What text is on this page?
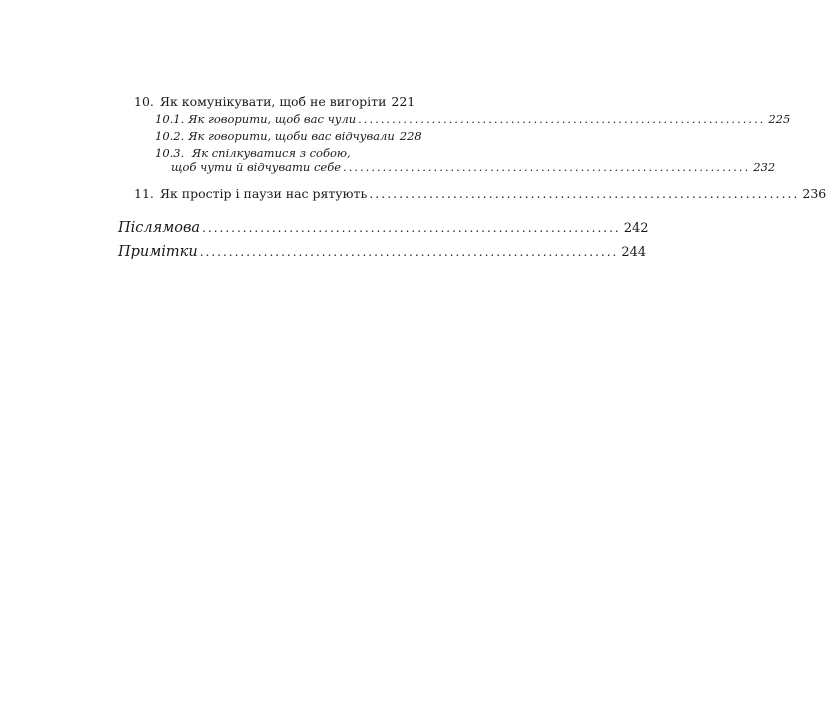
10. Як комунікувати, щоб не вигоріти 221
10.1. Як говорити, щоб вас чули ........................................................................ 225
10.2. Як говорити, щоби вас відчували 228
10.3. Як спілкуватися з собою,
щоб чути й відчувати себе ........................................................................ 232
11. Як простір і паузи нас рятують ........................................................................ 236
Післямова ........................................................................ 242
Примітки ........................................................................ 244
